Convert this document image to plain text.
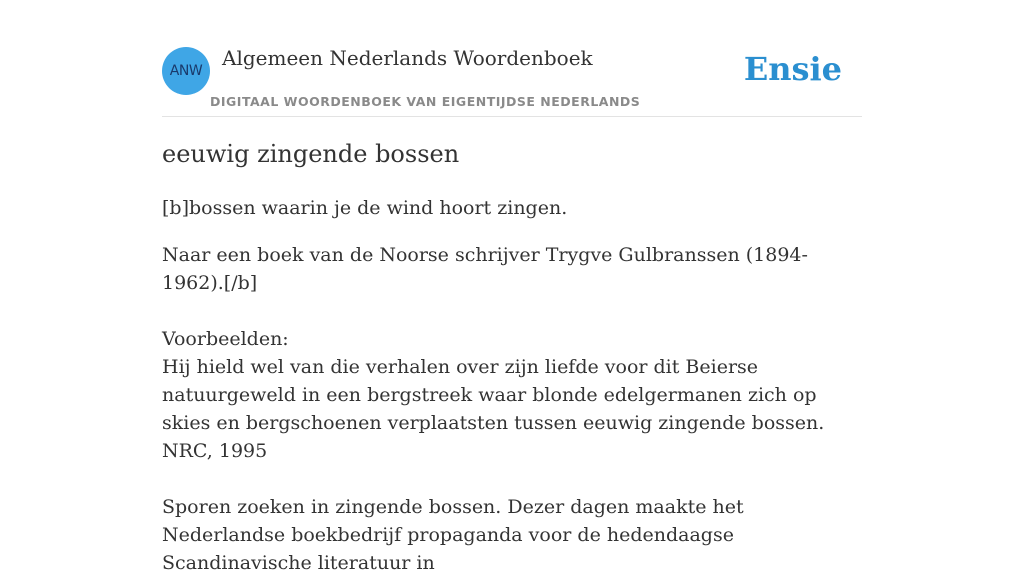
ANW
Algemeen Nederlands Woordenboek
DIGITAAL WOORDENBOEK VAN EIGENTIJDSE NEDERLANDS
Ensie
eeuwig zingende bossen

[b]bossen waarin je de wind hoort zingen.

Naar een boek van de Noorse schrijver Trygve Gulbranssen (1894-1962).[/b]

Voorbeelden:

Hij hield wel van die verhalen over zijn liefde voor dit Beierse natuurgeweld in een bergstreek waar blonde edelgermanen zich op skies en bergschoenen verplaatsten tussen eeuwig zingende bossen.

NRC, 1995

Sporen zoeken in zingende bossen. Dezer dagen maakte het Nederlandse boekbedrijf propaganda voor de hedendaagse Scandinavische literatuur in
